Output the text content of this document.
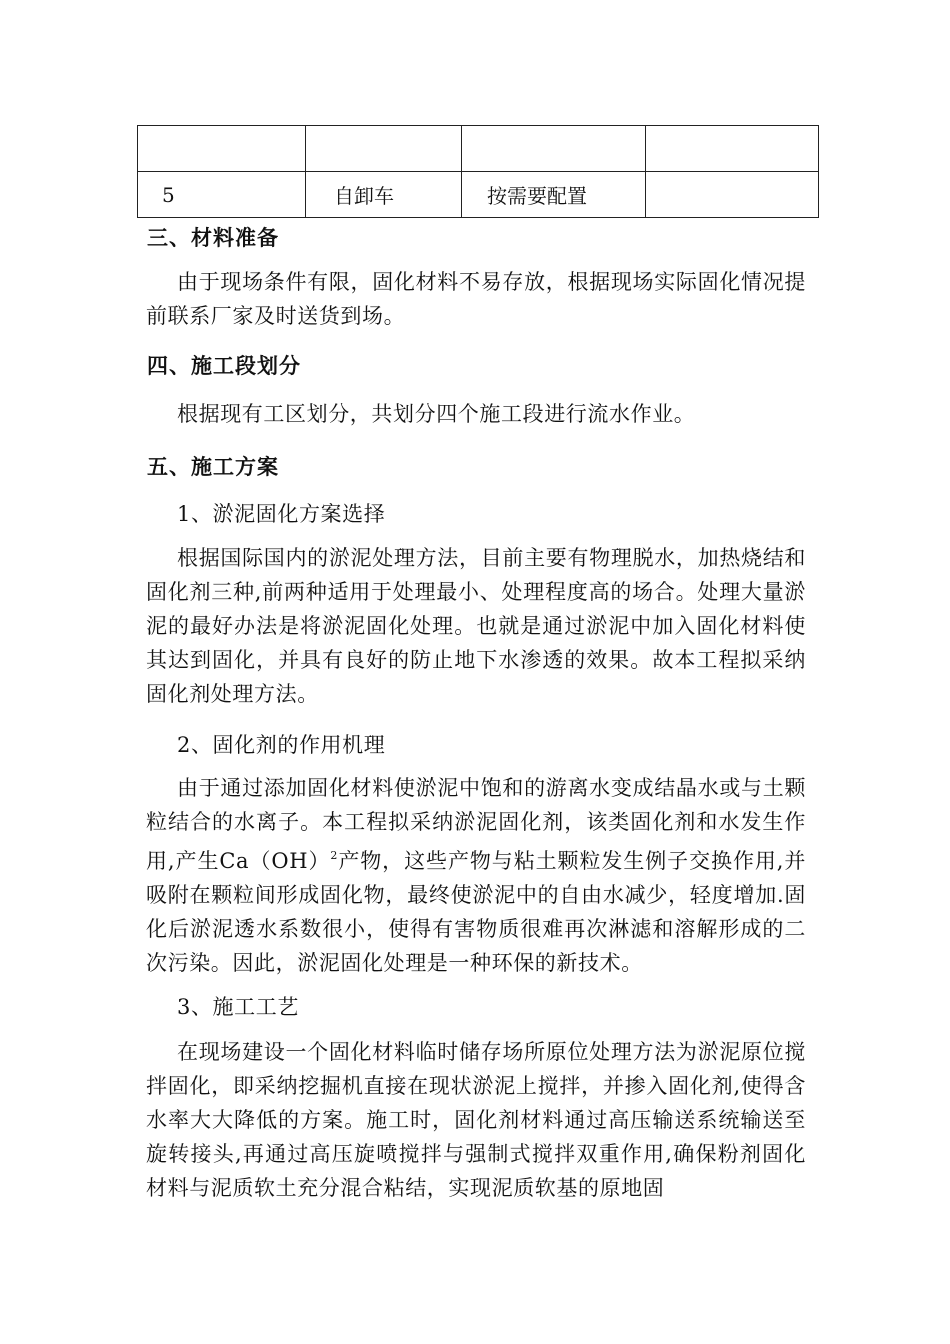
5	自卸车	按需要配置	
三、材料准备
由于现场条件有限，固化材料不易存放，根据现场实际固化情况提前联系厂家及时送货到场。
四、施工段划分
根据现有工区划分，共划分四个施工段进行流水作业。
五、施工方案
1、淤泥固化方案选择
根据国际国内的淤泥处理方法，目前主要有物理脱水，加热烧结和固化剂三种,前两种适用于处理最小、处理程度高的场合。处理大量淤泥的最好办法是将淤泥固化处理。也就是通过淤泥中加入固化材料使其达到固化，并具有良好的防止地下水渗透的效果。故本工程拟采纳固化剂处理方法。
2、固化剂的作用机理
由于通过添加固化材料使淤泥中饱和的游离水变成结晶水或与土颗粒结合的水离子。本工程拟采纳淤泥固化剂，该类固化剂和水发生作用,产生Ca（OH）$^2$产物，这些产物与粘土颗粒发生例子交换作用,并吸附在颗粒间形成固化物，最终使淤泥中的自由水减少，轻度增加.固化后淤泥透水系数很小，使得有害物质很难再次淋滤和溶解形成的二次污染。因此，淤泥固化处理是一种环保的新技术。
3、施工工艺
在现场建设一个固化材料临时储存场所原位处理方法为淤泥原位搅拌固化，即采纳挖掘机直接在现状淤泥上搅拌，并掺入固化剂,使得含水率大大降低的方案。施工时，固化剂材料通过高压输送系统输送至旋转接头,再通过高压旋喷搅拌与强制式搅拌双重作用,确保粉剂固化材料与泥质软土充分混合粘结，实现泥质软基的原地固
